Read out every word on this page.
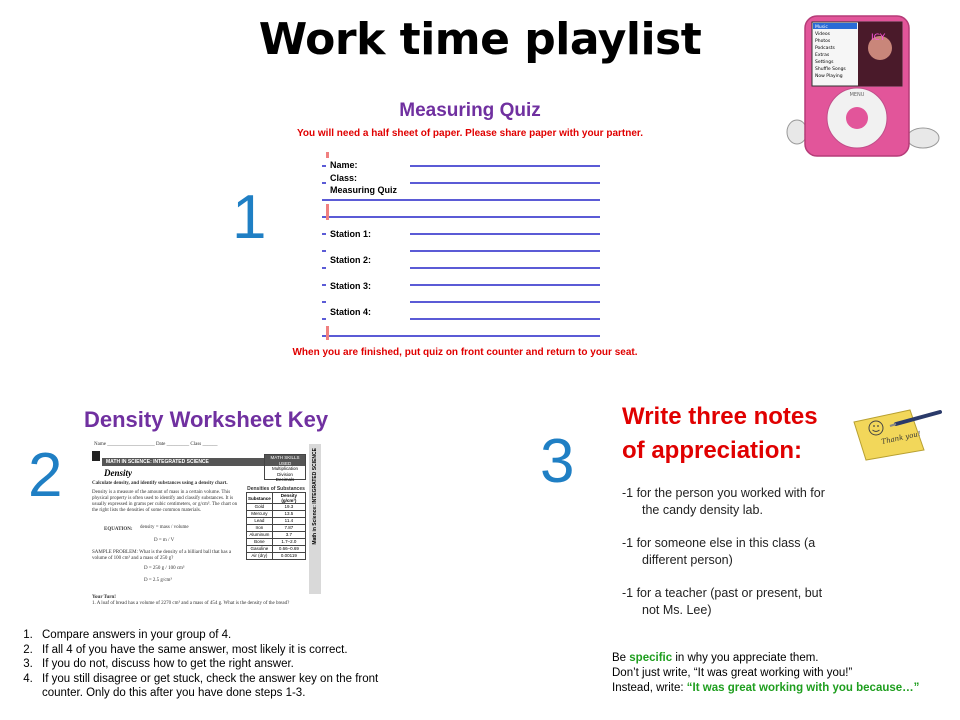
Work time playlist	ICY
Music
Videos
Photos
Podcasts
Extras
Settings
Shuffle Songs
Now Playing
MENU
1
Measuring Quiz
You will need a half sheet of paper. Please share paper with your partner.
Name:
Class:
Measuring Quiz
Station 1:
Station 2:
Station 3:
Station 4:
When you are finished, put quiz on front counter and return to your seat.
Density Worksheet Key
2	Name ___________________ Date _________ Class ______
MATH IN SCIENCE: INTEGRATED SCIENCE
MATH SKILLS USED
Multiplication
Division
Decimals	Math in Science: INTEGRATED SCIENCE
Density
Calculate density, and identify substances using a density chart.
Density is a measure of the amount of mass in a certain volume. This physical property is often used to identify and classify substances. It is usually expressed in grams per cubic centimeters, or g/cm³. The chart on the right lists the densities of some common materials.
EQUATION: density = mass / volume
D = m / V
SAMPLE PROBLEM: What is the density of a billiard ball that has a volume of 100 cm³ and a mass of 250 g?
D = 250 g / 100 cm³
D = 2.5 g/cm³
Your Turn!
1. A loaf of bread has a volume of 2270 cm³ and a mass of 454 g. What is the density of the bread?
Densities of Substances
Substance	Density (g/cm³)
Gold	19.3
Mercury	13.5
Lead	11.4
Iron	7.87
Aluminum	3.7
Bone	1.7–2.0
Gasoline	0.66–0.69
Air (dry)	0.00119
1. Compare answers in your group of 4.
2. If all 4 of you have the same answer, most likely it is correct.
3. If you do not, discuss how to get the right answer.
4. If you still disagree or get stuck, check the answer key on the front counter. Only do this after you have done steps 1-3.
3
Write three notes
of appreciation:	Thank you!
-1 for the person you worked with for
the candy density lab.
-1 for someone else in this class (a
different person)
-1 for a teacher (past or present, but
not Ms. Lee)
Be specific in why you appreciate them.
Don’t just write, “It was great working with you!”
Instead, write: “It was great working with you because…”
